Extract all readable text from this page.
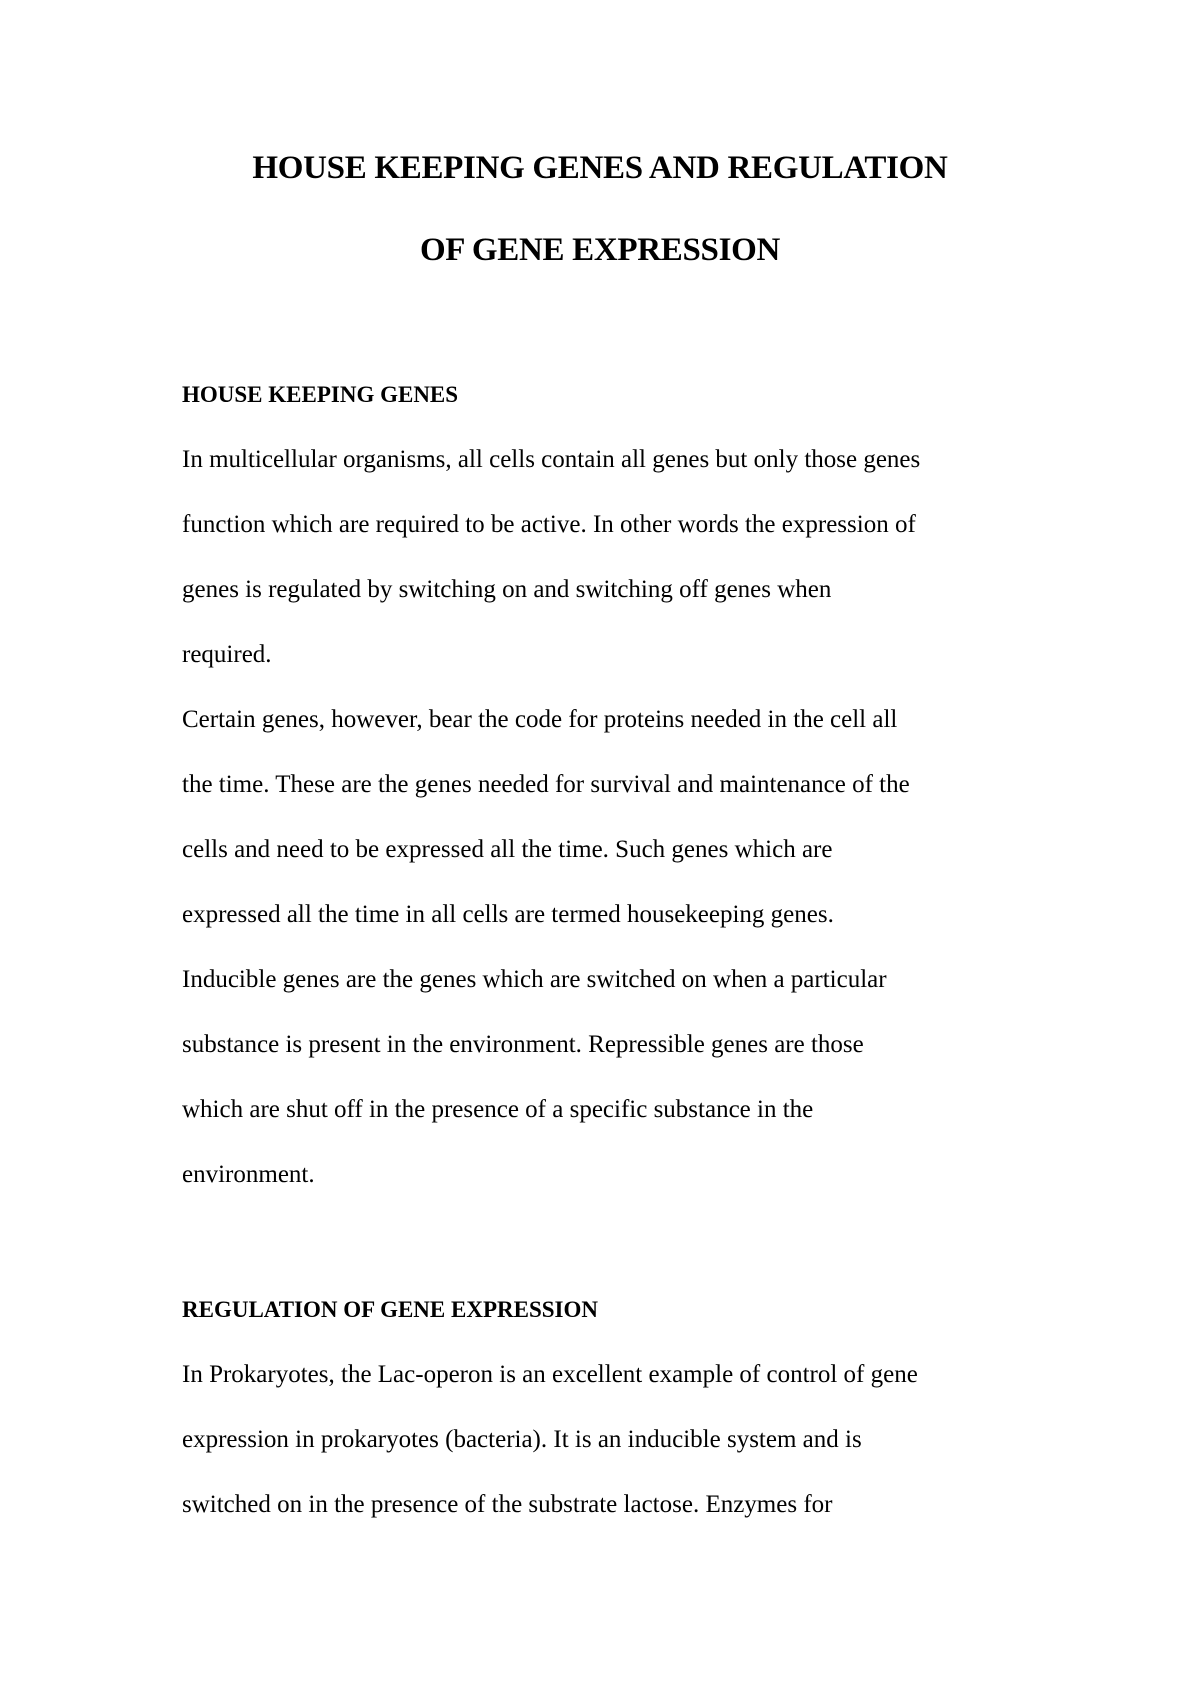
HOUSE KEEPING GENES AND REGULATION
OF GENE EXPRESSION

HOUSE KEEPING GENES

In multicellular organisms, all cells contain all genes but only those genes

function which are required to be active. In other words the expression of

genes is regulated by switching on and switching off genes when

required.

Certain genes, however, bear the code for proteins needed in the cell all

the time. These are the genes needed for survival and maintenance of the

cells and need to be expressed all the time. Such genes which are

expressed all the time in all cells are termed housekeeping genes.

Inducible genes are the genes which are switched on when a particular

substance is present in the environment. Repressible genes are those

which are shut off in the presence of a specific substance in the

environment.

REGULATION OF GENE EXPRESSION

In Prokaryotes, the Lac-operon is an excellent example of control of gene

expression in prokaryotes (bacteria). It is an inducible system and is

switched on in the presence of the substrate lactose. Enzymes for
